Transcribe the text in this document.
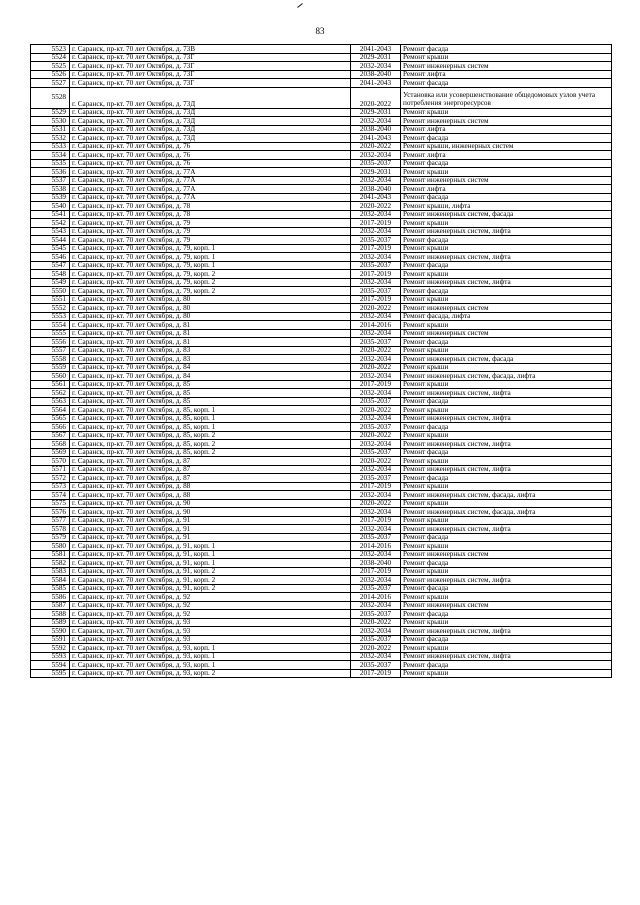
83
5523	г. Саранск, пр-кт. 70 лет Октября, д. 73В	2041-2043	Ремонт фасада
5524	г. Саранск, пр-кт. 70 лет Октября, д. 73Г	2029-2031	Ремонт крыши
5525	г. Саранск, пр-кт. 70 лет Октября, д. 73Г	2032-2034	Ремонт инженерных систем
5526	г. Саранск, пр-кт. 70 лет Октября, д. 73Г	2038-2040	Ремонт лифта
5527	г. Саранск, пр-кт. 70 лет Октября, д. 73Г	2041-2043	Ремонт фасада
5528	г. Саранск, пр-кт. 70 лет Октября, д. 73Д	2020-2022	Установка или усовершенствование общедомовых узлов учета потребления энергоресурсов
5529	г. Саранск, пр-кт. 70 лет Октября, д. 73Д	2029-2031	Ремонт крыши
5530	г. Саранск, пр-кт. 70 лет Октября, д. 73Д	2032-2034	Ремонт инженерных систем
5531	г. Саранск, пр-кт. 70 лет Октября, д. 73Д	2038-2040	Ремонт лифта
5532	г. Саранск, пр-кт. 70 лет Октября, д. 73Д	2041-2043	Ремонт фасада
5533	г. Саранск, пр-кт. 70 лет Октября, д. 76	2020-2022	Ремонт крыши, инженерных систем
5534	г. Саранск, пр-кт. 70 лет Октября, д. 76	2032-2034	Ремонт лифта
5535	г. Саранск, пр-кт. 70 лет Октября, д. 76	2035-2037	Ремонт фасада
5536	г. Саранск, пр-кт. 70 лет Октября, д. 77А	2029-2031	Ремонт крыши
5537	г. Саранск, пр-кт. 70 лет Октября, д. 77А	2032-2034	Ремонт инженерных систем
5538	г. Саранск, пр-кт. 70 лет Октября, д. 77А	2038-2040	Ремонт лифта
5539	г. Саранск, пр-кт. 70 лет Октября, д. 77А	2041-2043	Ремонт фасада
5540	г. Саранск, пр-кт. 70 лет Октября, д. 78	2020-2022	Ремонт крыши, лифта
5541	г. Саранск, пр-кт. 70 лет Октября, д. 78	2032-2034	Ремонт инженерных систем, фасада
5542	г. Саранск, пр-кт. 70 лет Октября, д. 79	2017-2019	Ремонт крыши
5543	г. Саранск, пр-кт. 70 лет Октября, д. 79	2032-2034	Ремонт инженерных систем, лифта
5544	г. Саранск, пр-кт. 70 лет Октября, д. 79	2035-2037	Ремонт фасада
5545	г. Саранск, пр-кт. 70 лет Октября, д. 79, корп. 1	2017-2019	Ремонт крыши
5546	г. Саранск, пр-кт. 70 лет Октября, д. 79, корп. 1	2032-2034	Ремонт инженерных систем, лифта
5547	г. Саранск, пр-кт. 70 лет Октября, д. 79, корп. 1	2035-2037	Ремонт фасада
5548	г. Саранск, пр-кт. 70 лет Октября, д. 79, корп. 2	2017-2019	Ремонт крыши
5549	г. Саранск, пр-кт. 70 лет Октября, д. 79, корп. 2	2032-2034	Ремонт инженерных систем, лифта
5550	г. Саранск, пр-кт. 70 лет Октября, д. 79, корп. 2	2035-2037	Ремонт фасада
5551	г. Саранск, пр-кт. 70 лет Октября, д. 80	2017-2019	Ремонт крыши
5552	г. Саранск, пр-кт. 70 лет Октября, д. 80	2020-2022	Ремонт инженерных систем
5553	г. Саранск, пр-кт. 70 лет Октября, д. 80	2032-2034	Ремонт фасада, лифта
5554	г. Саранск, пр-кт. 70 лет Октября, д. 81	2014-2016	Ремонт крыши
5555	г. Саранск, пр-кт. 70 лет Октября, д. 81	2032-2034	Ремонт инженерных систем
5556	г. Саранск, пр-кт. 70 лет Октября, д. 81	2035-2037	Ремонт фасада
5557	г. Саранск, пр-кт. 70 лет Октября, д. 83	2020-2022	Ремонт крыши
5558	г. Саранск, пр-кт. 70 лет Октября, д. 83	2032-2034	Ремонт инженерных систем, фасада
5559	г. Саранск, пр-кт. 70 лет Октября, д. 84	2020-2022	Ремонт крыши
5560	г. Саранск, пр-кт. 70 лет Октября, д. 84	2032-2034	Ремонт инженерных систем, фасада, лифта
5561	г. Саранск, пр-кт. 70 лет Октября, д. 85	2017-2019	Ремонт крыши
5562	г. Саранск, пр-кт. 70 лет Октября, д. 85	2032-2034	Ремонт инженерных систем, лифта
5563	г. Саранск, пр-кт. 70 лет Октября, д. 85	2035-2037	Ремонт фасада
5564	г. Саранск, пр-кт. 70 лет Октября, д. 85, корп. 1	2020-2022	Ремонт крыши
5565	г. Саранск, пр-кт. 70 лет Октября, д. 85, корп. 1	2032-2034	Ремонт инженерных систем, лифта
5566	г. Саранск, пр-кт. 70 лет Октября, д. 85, корп. 1	2035-2037	Ремонт фасада
5567	г. Саранск, пр-кт. 70 лет Октября, д. 85, корп. 2	2020-2022	Ремонт крыши
5568	г. Саранск, пр-кт. 70 лет Октября, д. 85, корп. 2	2032-2034	Ремонт инженерных систем, лифта
5569	г. Саранск, пр-кт. 70 лет Октября, д. 85, корп. 2	2035-2037	Ремонт фасада
5570	г. Саранск, пр-кт. 70 лет Октября, д. 87	2020-2022	Ремонт крыши
5571	г. Саранск, пр-кт. 70 лет Октября, д. 87	2032-2034	Ремонт инженерных систем, лифта
5572	г. Саранск, пр-кт. 70 лет Октября, д. 87	2035-2037	Ремонт фасада
5573	г. Саранск, пр-кт. 70 лет Октября, д. 88	2017-2019	Ремонт крыши
5574	г. Саранск, пр-кт. 70 лет Октября, д. 88	2032-2034	Ремонт инженерных систем, фасада, лифта
5575	г. Саранск, пр-кт. 70 лет Октября, д. 90	2020-2022	Ремонт крыши
5576	г. Саранск, пр-кт. 70 лет Октября, д. 90	2032-2034	Ремонт инженерных систем, фасада, лифта
5577	г. Саранск, пр-кт. 70 лет Октября, д. 91	2017-2019	Ремонт крыши
5578	г. Саранск, пр-кт. 70 лет Октября, д. 91	2032-2034	Ремонт инженерных систем, лифта
5579	г. Саранск, пр-кт. 70 лет Октября, д. 91	2035-2037	Ремонт фасада
5580	г. Саранск, пр-кт. 70 лет Октября, д. 91, корп. 1	2014-2016	Ремонт крыши
5581	г. Саранск, пр-кт. 70 лет Октября, д. 91, корп. 1	2032-2034	Ремонт инженерных систем
5582	г. Саранск, пр-кт. 70 лет Октября, д. 91, корп. 1	2038-2040	Ремонт фасада
5583	г. Саранск, пр-кт. 70 лет Октября, д. 91, корп. 2	2017-2019	Ремонт крыши
5584	г. Саранск, пр-кт. 70 лет Октября, д. 91, корп. 2	2032-2034	Ремонт инженерных систем, лифта
5585	г. Саранск, пр-кт. 70 лет Октября, д. 91, корп. 2	2035-2037	Ремонт фасада
5586	г. Саранск, пр-кт. 70 лет Октября, д. 92	2014-2016	Ремонт крыши
5587	г. Саранск, пр-кт. 70 лет Октября, д. 92	2032-2034	Ремонт инженерных систем
5588	г. Саранск, пр-кт. 70 лет Октября, д. 92	2035-2037	Ремонт фасада
5589	г. Саранск, пр-кт. 70 лет Октября, д. 93	2020-2022	Ремонт крыши
5590	г. Саранск, пр-кт. 70 лет Октября, д. 93	2032-2034	Ремонт инженерных систем, лифта
5591	г. Саранск, пр-кт. 70 лет Октября, д. 93	2035-2037	Ремонт фасада
5592	г. Саранск, пр-кт. 70 лет Октября, д. 93, корп. 1	2020-2022	Ремонт крыши
5593	г. Саранск, пр-кт. 70 лет Октября, д. 93, корп. 1	2032-2034	Ремонт инженерных систем, лифта
5594	г. Саранск, пр-кт. 70 лет Октября, д. 93, корп. 1	2035-2037	Ремонт фасада
5595	г. Саранск, пр-кт. 70 лет Октября, д. 93, корп. 2	2017-2019	Ремонт крыши
